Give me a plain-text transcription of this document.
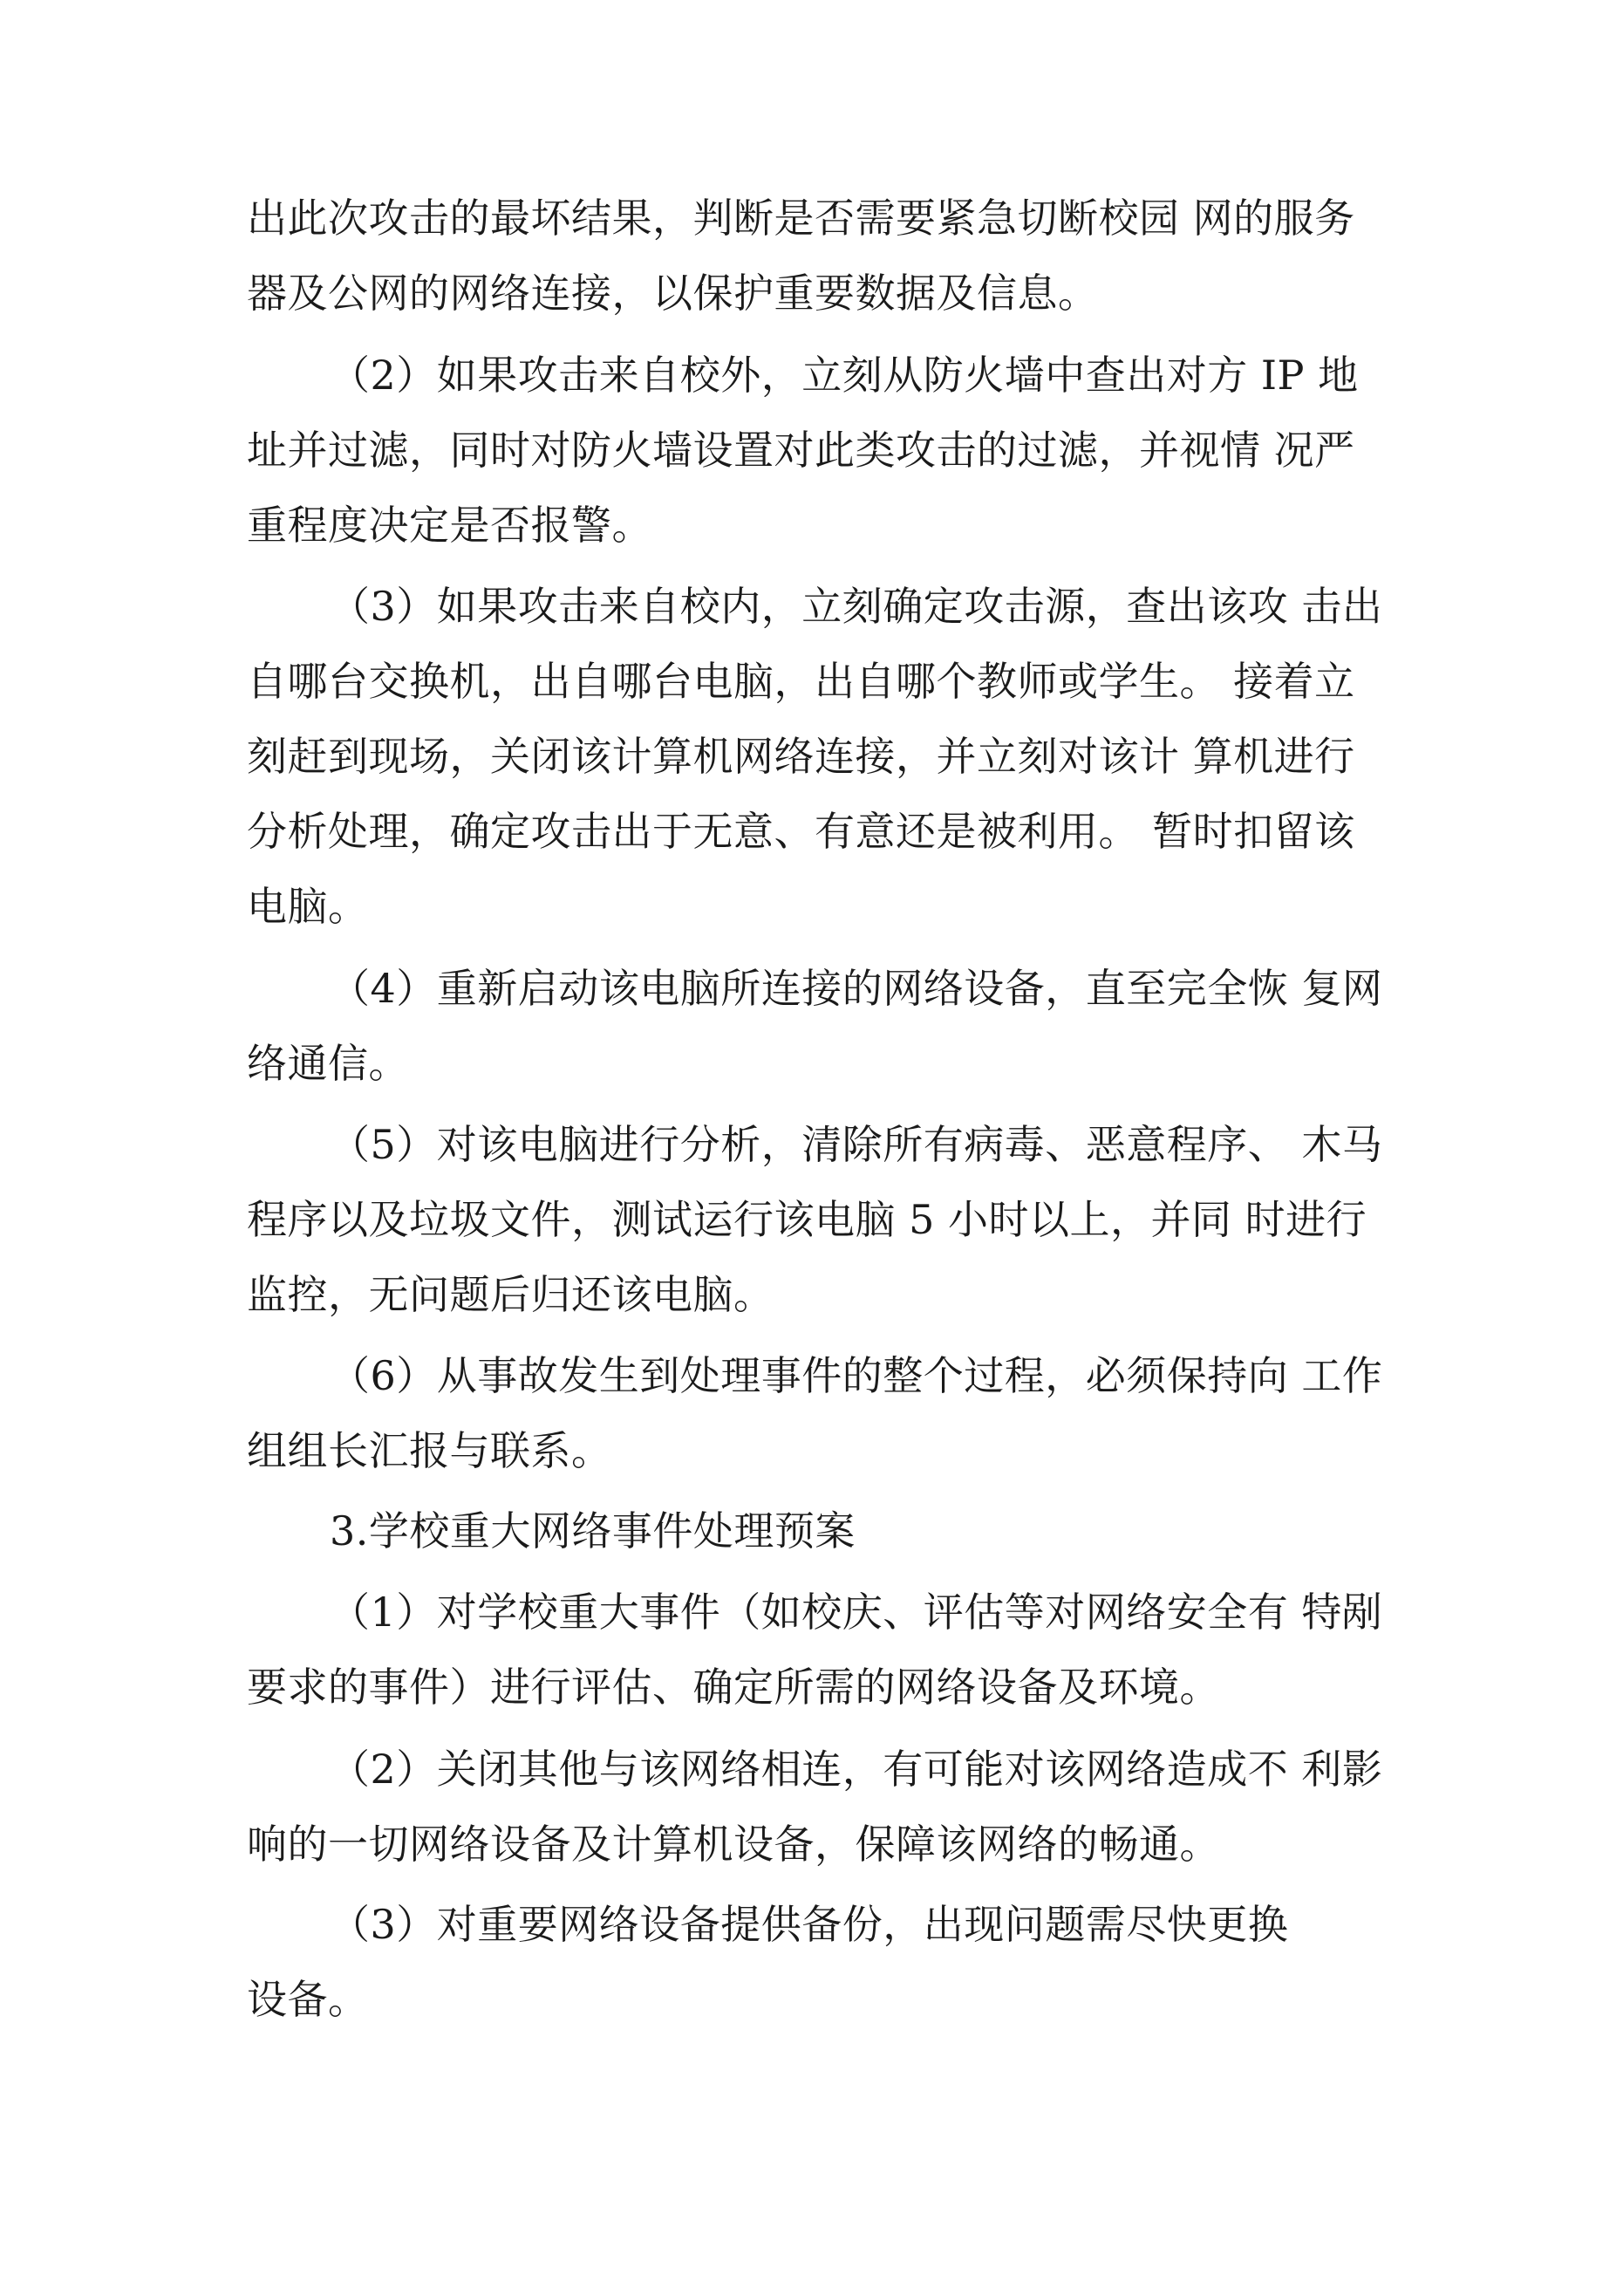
出此次攻击的最坏结果，判断是否需要紧急切断校园 网的服务
器及公网的网络连接，以保护重要数据及信息。
（2）如果攻击来自校外，立刻从防火墙中查出对方 IP 地
址并过滤，同时对防火墙设置对此类攻击的过滤，并视情 况严
重程度决定是否报警。
（3）如果攻击来自校内，立刻确定攻击源，查出该攻 击出
自哪台交换机，出自哪台电脑，出自哪个教师或学生。 接着立
刻赶到现场，关闭该计算机网络连接，并立刻对该计 算机进行
分析处理，确定攻击出于无意、有意还是被利用。 暂时扣留该
电脑。
（4）重新启动该电脑所连接的网络设备，直至完全恢 复网
络通信。
（5）对该电脑进行分析，清除所有病毒、恶意程序、 木马
程序以及垃圾文件，测试运行该电脑 5 小时以上，并同 时进行
监控，无问题后归还该电脑。
（6）从事故发生到处理事件的整个过程，必须保持向 工作
组组长汇报与联系。
3.学校重大网络事件处理预案
（1）对学校重大事件（如校庆、评估等对网络安全有 特剐
要求的事件）进行评估、确定所需的网络设备及环境。
（2）关闭其他与该网络相连，有可能对该网络造成不 利影
响的一切网络设备及计算机设备，保障该网络的畅通。
（3）对重要网络设备提供备份，出现问题需尽快更换
设备。
